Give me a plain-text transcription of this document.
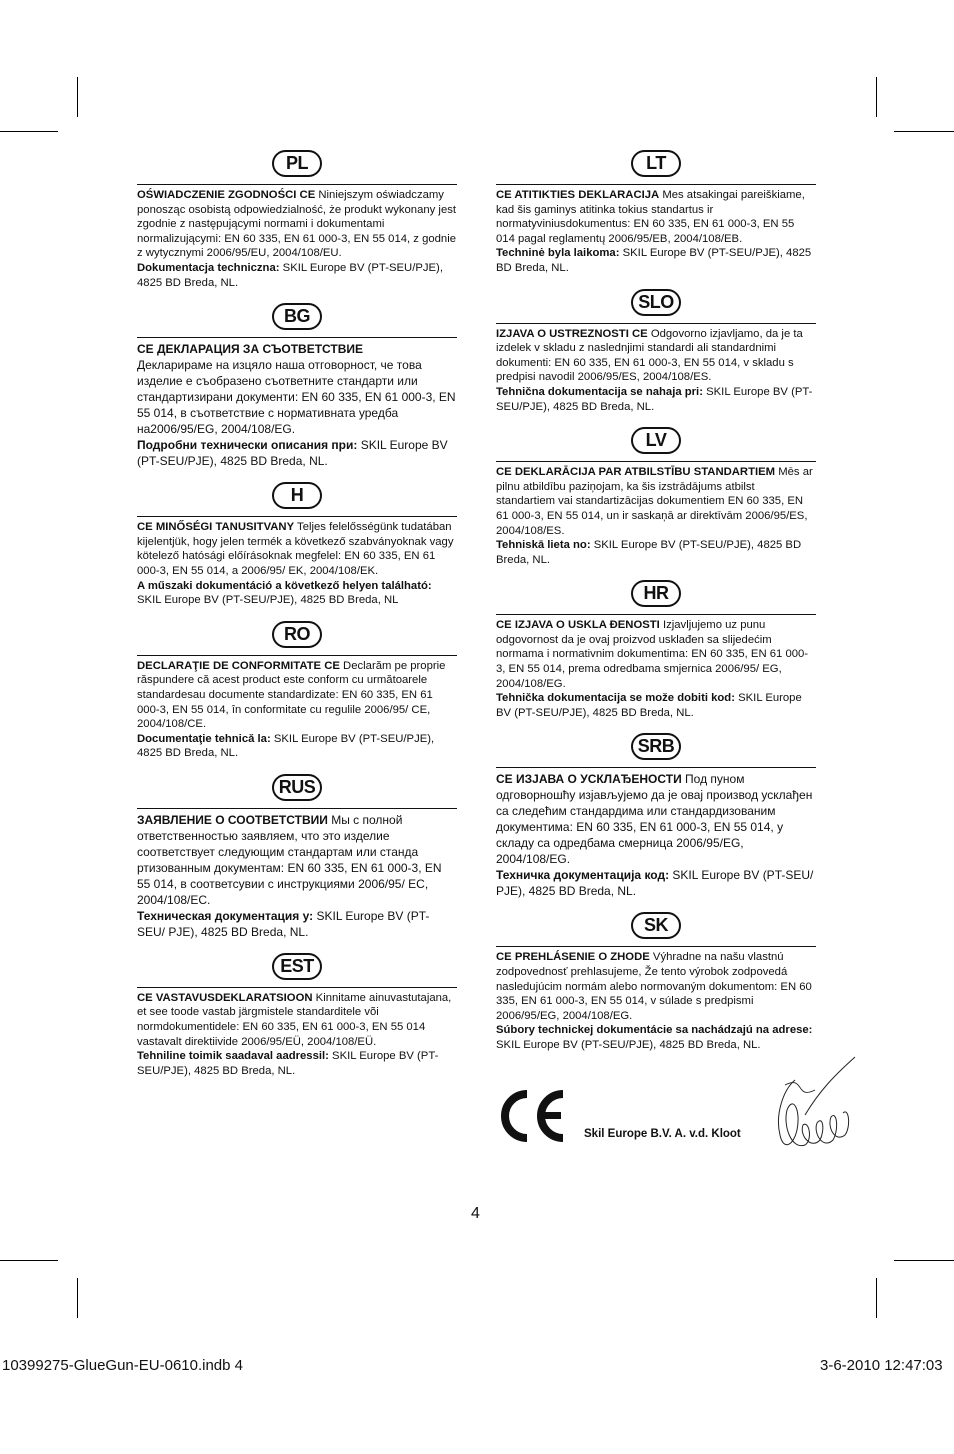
PL

OŚWIADCZENIE ZGODNOŚCI CE Niniejszym oświadczamy ponosząc osobistą odpowiedzialność, że produkt wykonany jest zgodnie z następującymi normami i dokumentami normalizującymi: EN 60 335, EN 61 000-3, EN 55 014, z godnie z wytycznymi 2006/95/EU, 2004/108/EU.
Dokumentacja techniczna: SKIL Europe BV (PT-SEU/PJE), 4825 BD Breda, NL.

BG

CE ДЕКЛАРАЦИЯ ЗА СЪОТВЕТСТВИЕ
Декларираме на изцяло наша отговорност, че това изделие е съобразено съответните стандарти или стандартизирани документи: EN 60 335, EN 61 000-3, EN 55 014, в съответствие с нормативната уредба на2006/95/EG, 2004/108/EG.
Подробни технически описания при: SKIL Europe BV (PT-SEU/PJE), 4825 BD Breda, NL.

H

CE MINŐSÉGI TANUSITVANY Teljes felelősségünk tudatában kijelentjük, hogy jelen termék a következő szabványoknak vagy kötelező hatósági előírásoknak megfelel: EN 60 335, EN 61 000-3, EN 55 014, a 2006/95/ EK, 2004/108/EK.
A műszaki dokumentáció a következő helyen található: SKIL Europe BV (PT-SEU/PJE), 4825 BD Breda, NL

RO

DECLARAŢIE DE CONFORMITATE CE Declarăm pe proprie răspundere că acest product este conform cu următoarele standardesau documente standardizate: EN 60 335, EN 61 000-3, EN 55 014, în conformitate cu regulile 2006/95/ CE, 2004/108/CE.
Documentaţie tehnică la: SKIL Europe BV (PT-SEU/PJE), 4825 BD Breda, NL.

RUS

ЗАЯВЛЕНИЕ О СООТВЕТСТВИИ Мы с полной ответственностью заявляем, что это изделие соответствует следующим стандартам или станда ртизованным документам: EN 60 335, EN 61 000-3, EN 55 014, в соответсувии с инструкциями 2006/95/ EC, 2004/108/EC.
Техническая документация у: SKIL Europe BV (PT-SEU/ PJE), 4825 BD Breda, NL.

EST

CE VASTAVUSDEKLARATSIOON Kinnitame ainuvastutajana, et see toode vastab järgmistele standarditele või normdokumentidele: EN 60 335, EN 61 000-3, EN 55 014 vastavalt direktiivide 2006/95/EÜ, 2004/108/EÜ.
Tehniline toimik saadaval aadressil: SKIL Europe BV (PT-SEU/PJE), 4825 BD Breda, NL.

LT

CE ATITIKTIES DEKLARACIJA Mes atsakingai pareiškiame, kad šis gaminys atitinka tokius standartus ir normatyviniusdokumentus: EN 60 335, EN 61 000-3, EN 55 014 pagal reglamentų 2006/95/EB, 2004/108/EB.
Techninė byla laikoma: SKIL Europe BV (PT-SEU/PJE), 4825 BD Breda, NL.

SLO

IZJAVA O USTREZNOSTI CE Odgovorno izjavljamo, da je ta izdelek v skladu z naslednjimi standardi ali standardnimi dokumenti: EN 60 335, EN 61 000-3, EN 55 014, v skladu s predpisi navodil 2006/95/ES, 2004/108/ES.
Tehnična dokumentacija se nahaja pri: SKIL Europe BV (PT-SEU/PJE), 4825 BD Breda, NL.

LV

CE DEKLARĀCIJA PAR ATBILSTĪBU STANDARTIEM Mēs ar pilnu atbildību paziņojam, ka šis izstrādājums atbilst standartiem vai standartizācijas dokumentiem EN 60 335, EN 61 000-3, EN 55 014, un ir saskaņā ar direktīvām 2006/95/ES, 2004/108/ES.
Tehniskā lieta no: SKIL Europe BV (PT-SEU/PJE), 4825 BD Breda, NL.

HR

CE IZJAVA O USKLA ĐENOSTI Izjavljujemo uz punu odgovornost da je ovaj proizvod usklađen sa slijedećim normama i normativnim dokumentima: EN 60 335, EN 61 000-3, EN 55 014, prema odredbama smjernica 2006/95/ EG, 2004/108/EG.
Tehnička dokumentacija se može dobiti kod: SKIL Europe BV (PT-SEU/PJE), 4825 BD Breda, NL.

SRB

CE ИЗJАВА О УСКЛАЂЕНОСТИ Под пуном одговорношћу изјављуjемо да је овај производ усклађен са следећим стандардима или стандардизованим документима: EN 60 335, EN 61 000-3, EN 55 014, у складу са одредбама смерница 2006/95/EG, 2004/108/EG.
Техничка документација код: SKIL Europe BV (PT-SEU/ PJE), 4825 BD Breda, NL.

SK

CE PREHLÁSENIE O ZHODE Výhradne na našu vlastnú zodpovednosť prehlasujeme, Že tento výrobok zodpovedá nasledujúcim normám alebo normovaným dokumentom: EN 60 335, EN 61 000-3, EN 55 014, v súlade s predpismi 2006/95/EG, 2004/108/EG.
Súbory technickej dokumentácie sa nachádzajú na adrese: SKIL Europe BV (PT-SEU/PJE), 4825 BD Breda, NL.

Skil Europe B.V. A. v.d. Kloot
4
10399275-GlueGun-EU-0610.indb 4	3-6-2010 12:47:03
